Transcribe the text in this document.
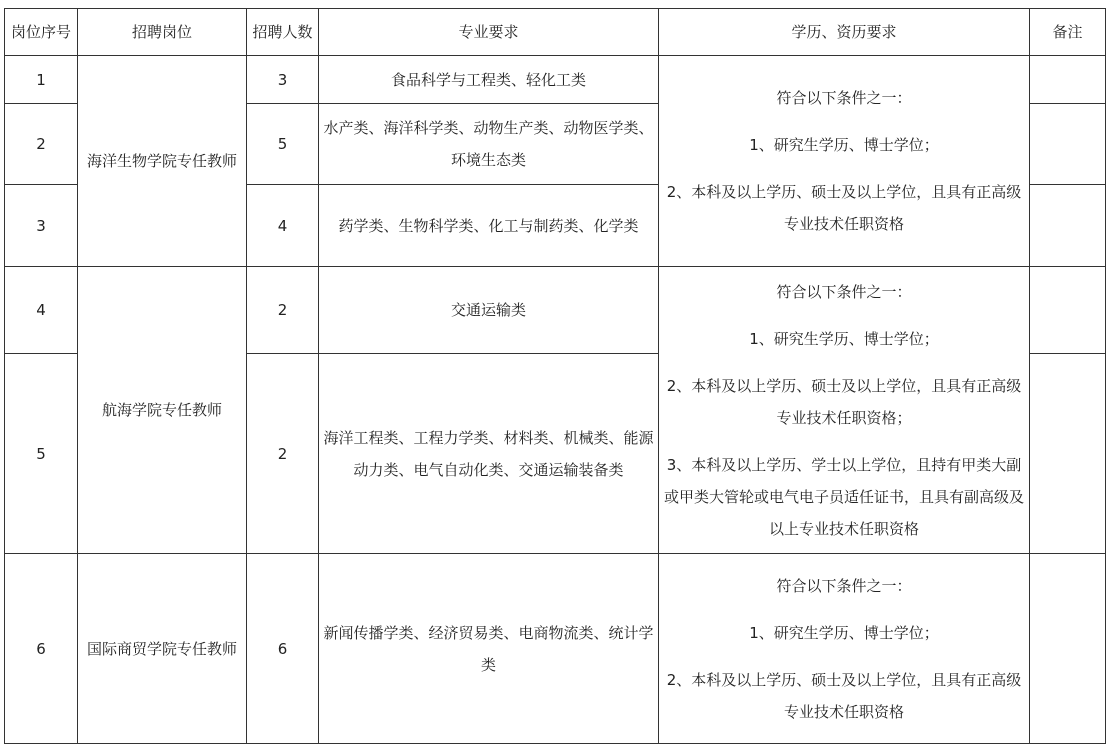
岗位序号	招聘岗位	招聘人数	专业要求	学历、资历要求	备注
1	海洋生物学院专任教师	3	食品科学与工程类、轻化工类	符合以下条件之一：
1、研究生学历、博士学位；
2、本科及以上学历、硕士及以上学位，且具有正高级专业技术任职资格	

2		5	水产类、海洋科学类、动物生产类、动物医学类、环境生态类		
3		4	药学类、生物科学类、化工与制药类、化学类		
4	航海学院专任教师	2	交通运输类	符合以下条件之一：
1、研究生学历、博士学位；
2、本科及以上学历、硕士及以上学位，且具有正高级专业技术任职资格；
3、本科及以上学历、学士以上学位，且持有甲类大副或甲类大管轮或电气电子员适任证书，且具有副高级及以上专业技术任职资格	

5		2	海洋工程类、工程力学类、材料类、机械类、能源动力类、电气自动化类、交通运输装备类		
6	国际商贸学院专任教师	6	新闻传播学类、经济贸易类、电商物流类、统计学类	符合以下条件之一：
1、研究生学历、博士学位；
2、本科及以上学历、硕士及以上学位，且具有正高级专业技术任职资格	
